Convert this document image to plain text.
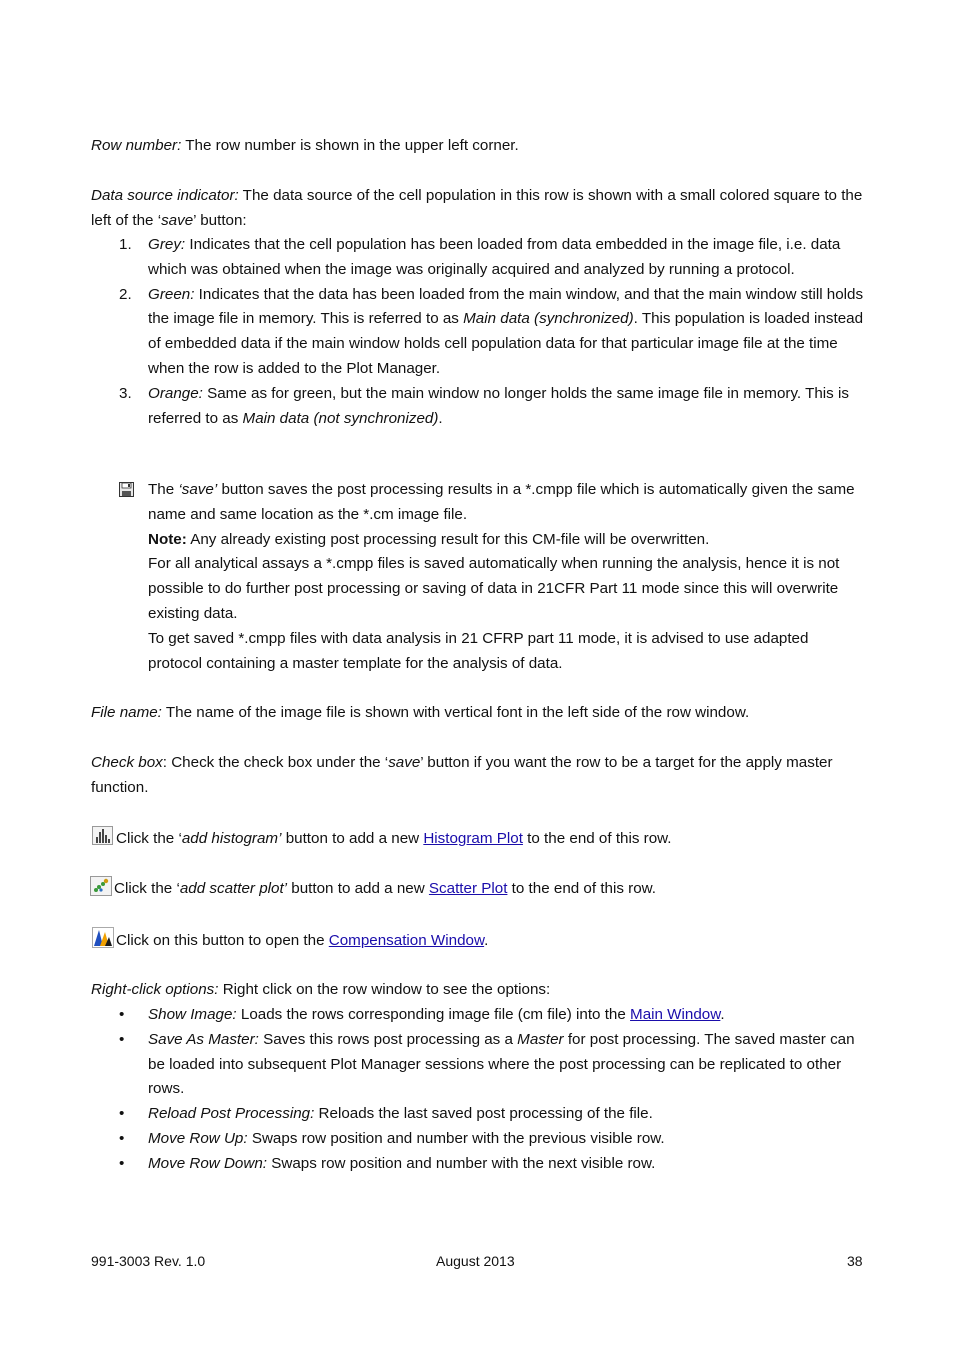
Row number: The row number is shown in the upper left corner.

Data source indicator: The data source of the cell population in this row is shown with a small colored square to the left of the ‘save’ button:

1. Grey: Indicates that the cell population has been loaded from data embedded in the image file, i.e. data which was obtained when the image was originally acquired and analyzed by running a protocol.
2. Green: Indicates that the data has been loaded from the main window, and that the main window still holds the image file in memory. This is referred to as Main data (synchronized). This population is loaded instead of embedded data if the main window holds cell population data for that particular image file at the time when the row is added to the Plot Manager.
3. Orange: Same as for green, but the main window no longer holds the same image file in memory. This is referred to as Main data (not synchronized).
The ‘save’ button saves the post processing results in a *.cmpp file which is automatically given the same name and same location as the *.cm image file.
Note: Any already existing post processing result for this CM-file will be overwritten.
For all analytical assays a *.cmpp files is saved automatically when running the analysis, hence it is not possible to do further post processing or saving of data in 21CFR Part 11 mode since this will overwrite existing data.
To get saved *.cmpp files with data analysis in 21 CFRP part 11 mode, it is advised to use adapted protocol containing a master template for the analysis of data.

File name: The name of the image file is shown with vertical font in the left side of the row window.

Check box: Check the check box under the ‘save’ button if you want the row to be a target for the apply master function.

Click the ‘add histogram’ button to add a new Histogram Plot to the end of this row.

Click the ‘add scatter plot’ button to add a new Scatter Plot to the end of this row.

Click on this button to open the Compensation Window.

Right-click options: Right click on the row window to see the options:

• Show Image: Loads the rows corresponding image file (cm file) into the Main Window.
• Save As Master: Saves this rows post processing as a Master for post processing. The saved master can be loaded into subsequent Plot Manager sessions where the post processing can be replicated to other rows.
• Reload Post Processing: Reloads the last saved post processing of the file.
• Move Row Up: Swaps row position and number with the previous visible row.
• Move Row Down: Swaps row position and number with the next visible row.
991-3003 Rev. 1.0	August 2013	38
